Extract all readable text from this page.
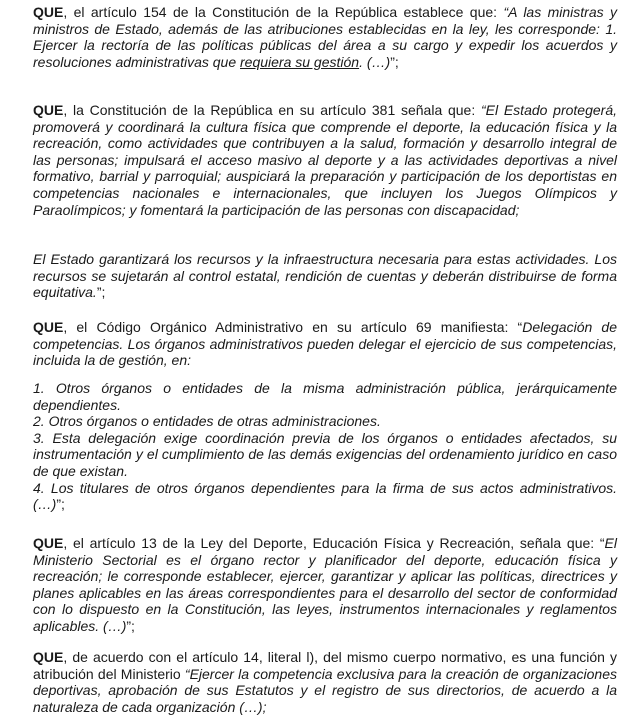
QUE, el artículo 154 de la Constitución de la República establece que: “A las ministras y ministros de Estado, además de las atribuciones establecidas en la ley, les corresponde: 1. Ejercer la rectoría de las políticas públicas del área a su cargo y expedir los acuerdos y resoluciones administrativas que requiera su gestión. (…)”;

QUE, la Constitución de la República en su artículo 381 señala que: “El Estado protegerá, promoverá y coordinará la cultura física que comprende el deporte, la educación física y la recreación, como actividades que contribuyen a la salud, formación y desarrollo integral de las personas; impulsará el acceso masivo al deporte y a las actividades deportivas a nivel formativo, barrial y parroquial; auspiciará la preparación y participación de los deportistas en competencias nacionales e internacionales, que incluyen los Juegos Olímpicos y Paraolímpicos; y fomentará la participación de las personas con discapacidad;

El Estado garantizará los recursos y la infraestructura necesaria para estas actividades. Los recursos se sujetarán al control estatal, rendición de cuentas y deberán distribuirse de forma equitativa.”;

QUE, el Código Orgánico Administrativo en su artículo 69 manifiesta: “Delegación de competencias. Los órganos administrativos pueden delegar el ejercicio de sus competencias, incluida la de gestión, en:

1. Otros órganos o entidades de la misma administración pública, jerárquicamente dependientes.
2. Otros órganos o entidades de otras administraciones.
3. Esta delegación exige coordinación previa de los órganos o entidades afectados, su instrumentación y el cumplimiento de las demás exigencias del ordenamiento jurídico en caso de que existan.
4. Los titulares de otros órganos dependientes para la firma de sus actos administrativos. (…)”;

QUE, el artículo 13 de la Ley del Deporte, Educación Física y Recreación, señala que: “El Ministerio Sectorial es el órgano rector y planificador del deporte, educación física y recreación; le corresponde establecer, ejercer, garantizar y aplicar las políticas, directrices y planes aplicables en las áreas correspondientes para el desarrollo del sector de conformidad con lo dispuesto en la Constitución, las leyes, instrumentos internacionales y reglamentos aplicables. (…)”;

QUE, de acuerdo con el artículo 14, literal l), del mismo cuerpo normativo, es una función y atribución del Ministerio “Ejercer la competencia exclusiva para la creación de organizaciones deportivas, aprobación de sus Estatutos y el registro de sus directorios, de acuerdo a la naturaleza de cada organización (…);
